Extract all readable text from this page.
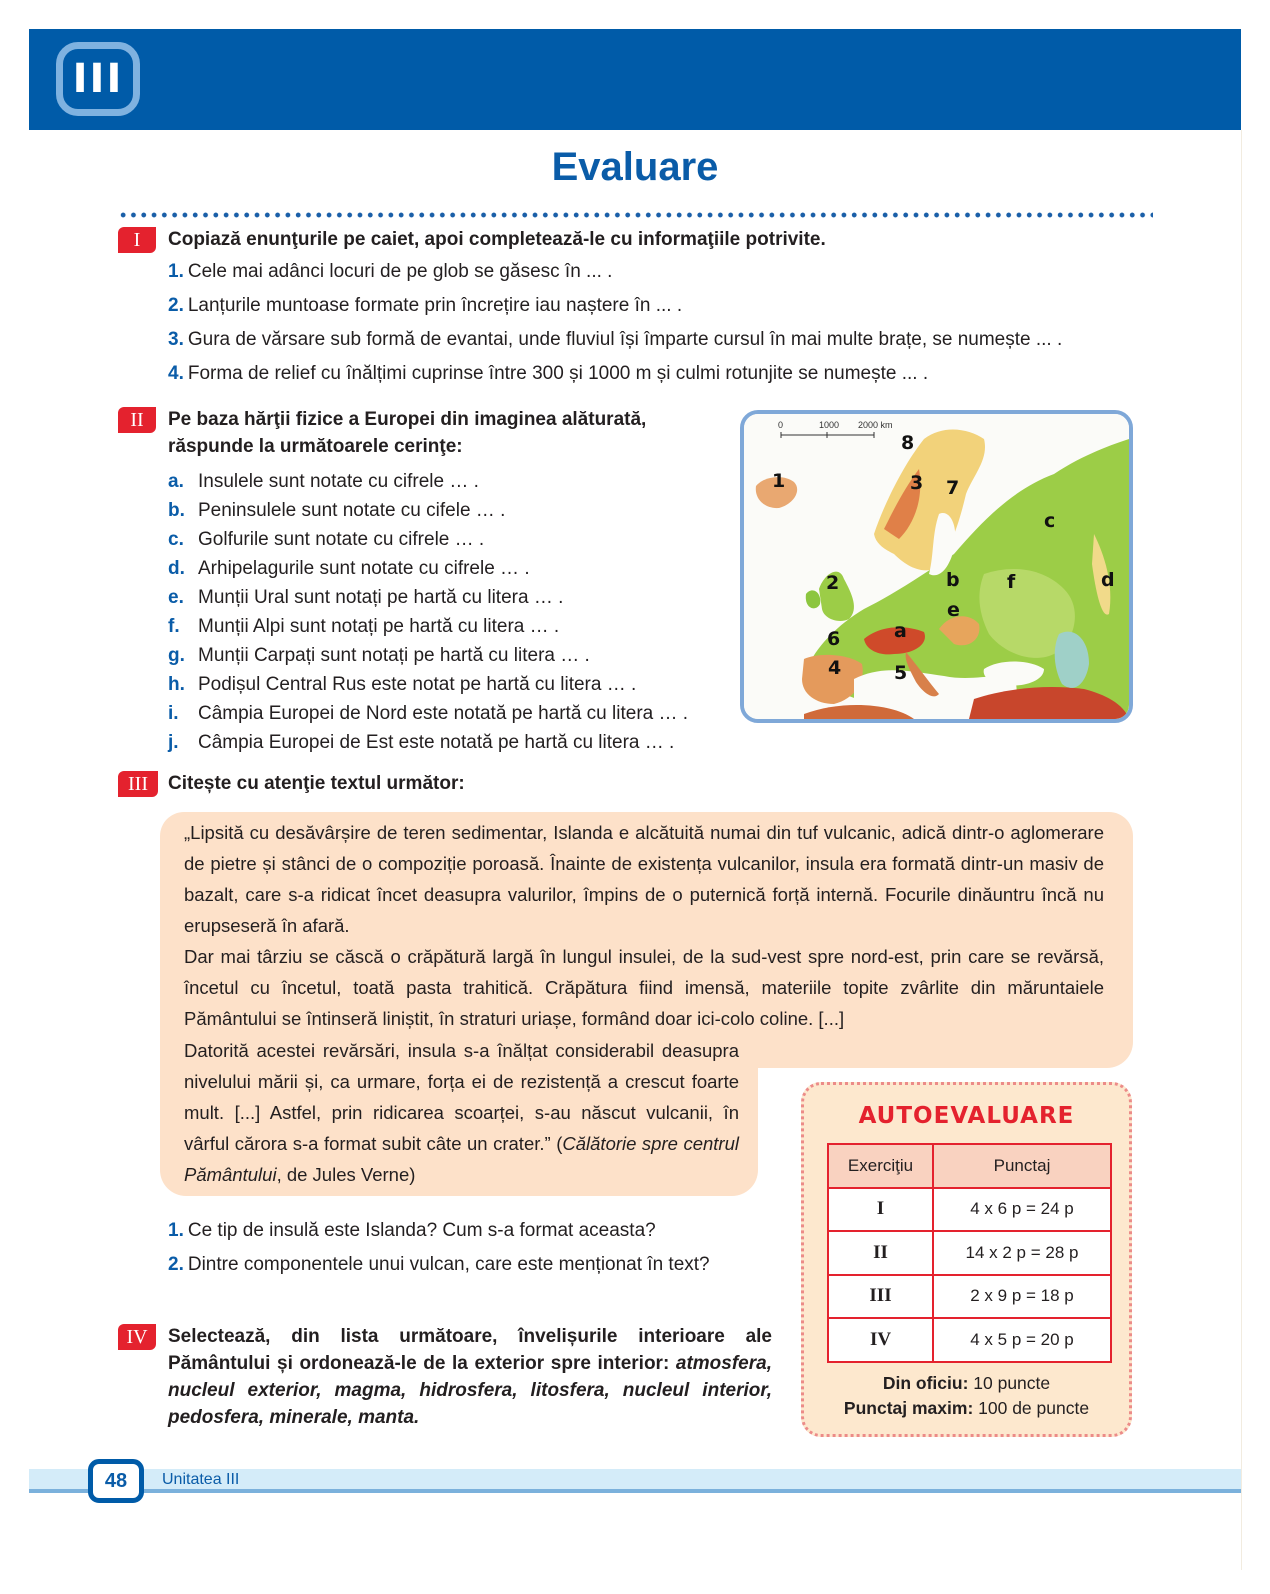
III
Evaluare
I	Copiază enunţurile pe caiet, apoi completează-le cu informaţiile potrivite.
1. Cele mai adânci locuri de pe glob se găsesc în ... .
2. Lanțurile muntoase formate prin încrețire iau naștere în ... .
3. Gura de vărsare sub formă de evantai, unde fluviul își împarte cursul în mai multe brațe, se numește ... .
4. Forma de relief cu înălțimi cuprinse între 300 și 1000 m și culmi rotunjite se numește ... .
II	Pe baza hărţii fizice a Europei din imaginea alăturată,
răspunde la următoarele cerinţe:
a. Insulele sunt notate cu cifrele … .
b. Peninsulele sunt notate cu cifele … .
c. Golfurile sunt notate cu cifrele … .
d. Arhipelagurile sunt notate cu cifrele … .
e. Munții Ural sunt notați pe hartă cu litera … .
f. Munții Alpi sunt notați pe hartă cu litera … .
g. Munții Carpați sunt notați pe hartă cu litera … .
h. Podișul Central Rus este notat pe hartă cu litera … .
i. Câmpia Europei de Nord este notată pe hartă cu litera … .
j. Câmpia Europei de Est este notată pe hartă cu litera … .
0	1000 2000 km
1
2
3
4	5
6
7
8
a
b
c
d
e
f
III	Citește cu atenţie textul următor:

„Lipsită cu desăvârșire de teren sedimentar, Islanda e alcătuită numai din tuf vulcanic, adică dintr-o aglomerare de pietre și stânci de o compoziție poroasă. Înainte de existența vulcanilor, insula era formată dintr-un masiv de bazalt, care s-a ridicat încet deasupra valurilor, împins de o puternică forță internă. Focurile dinăuntru încă nu erupseseră în afară.

Dar mai târziu se căscă o crăpătură largă în lungul insulei, de la sud-vest spre nord-est, prin care se revărsă, încetul cu încetul, toată pasta trahitică. Crăpătura fiind imensă, materiile topite zvârlite din măruntaiele Pământului se întinseră liniștit, în straturi uriașe, formând doar ici-colo coline. [...]

Datorită acestei revărsări, insula s-a înălțat considerabil deasupra nivelului mării și, ca urmare, forța ei de rezistență a crescut foarte mult. [...] Astfel, prin ridicarea scoarței, s-au născut vulcanii, în vârful cărora s-a format subit câte un crater.” (Călătorie spre centrul Pământului, de Jules Verne)

1. Ce tip de insulă este Islanda? Cum s-a format aceasta?
2. Dintre componentele unui vulcan, care este menționat în text?
IV	Selectează, din lista următoare, învelișurile interioare ale Pământului și ordonează-le de la exterior spre interior: atmosfera, nucleul exterior, magma, hidrosfera, litosfera, nucleul interior, pedosfera, minerale, manta.
AUTOEVALUARE
Exerciţiu	Punctaj
I	4 x 6 p = 24 p
II	14 x 2 p = 28 p
III	2 x 9 p = 18 p
IV	4 x 5 p = 20 p
Din oficiu: 10 puncte
Punctaj maxim: 100 de puncte
48	Unitatea III
